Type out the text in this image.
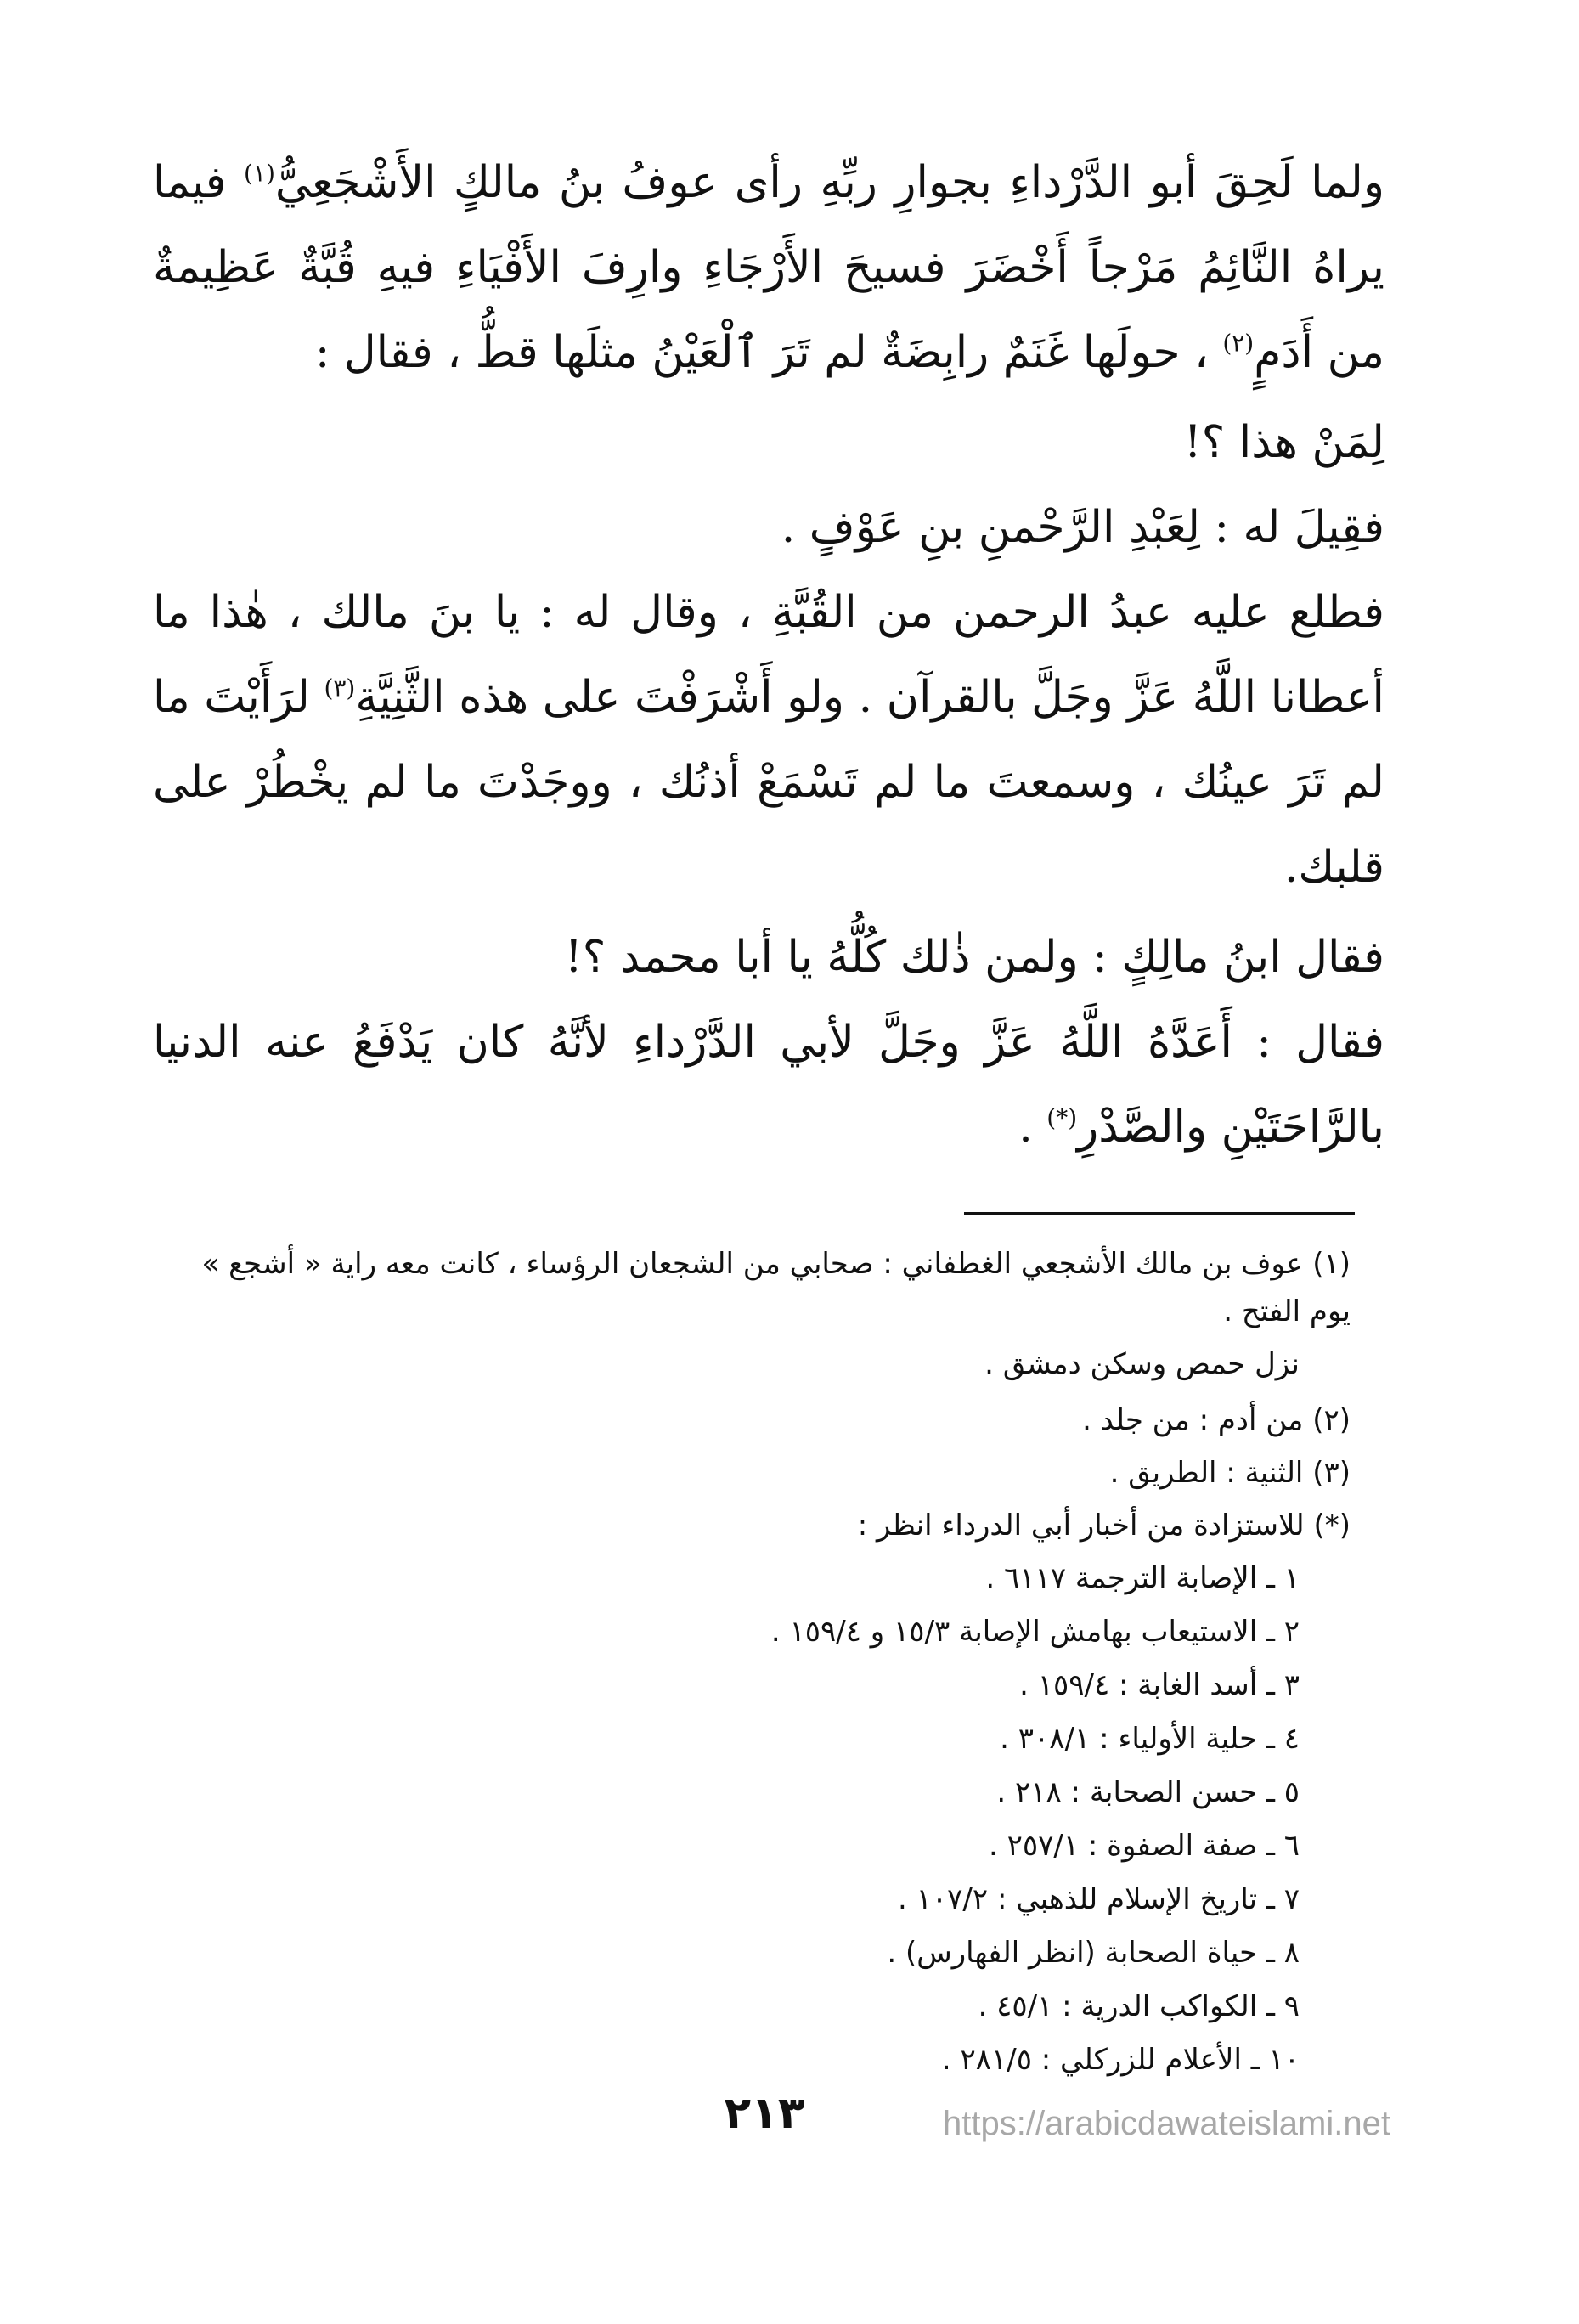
ولما لَحِقَ أبو الدَّرْداءِ بجوارِ ربِّهِ رأى عوفُ بنُ مالكٍ الأَشْجَعِيُّ$^{(١)}$ فيما يراهُ النَّائِمُ مَرْجاً أَخْضَرَ فسيحَ الأَرْجَاءِ وارِفَ الأَفْيَاءِ فيهِ قُبَّةٌ عَظِيمةٌ من أَدَمٍ$^{(٢)}$ ، حولَها غَنَمٌ رابِضَةٌ لم تَرَ ٱلْعَيْنُ مثلَها قطُّ ، فقال :

لِمَنْ هذا ؟!

فقِيلَ له : لِعَبْدِ الرَّحْمنِ بنِ عَوْفٍ .

فطلع عليه عبدُ الرحمن من القُبَّةِ ، وقال له : يا بنَ مالك ، هٰذا ما أعطانا اللَّهُ عَزَّ وجَلَّ بالقرآن . ولو أَشْرَفْتَ على هذه الثَّنِيَّةِ$^{(٣)}$ لرَأَيْتَ ما لم تَرَ عينُك ، وسمعتَ ما لم تَسْمَعْ أذنُك ، ووجَدْتَ ما لم يخْطُرْ على قلبك.

فقال ابنُ مالِكٍ : ولمن ذٰلك كُلُّهُ يا أبا محمد ؟!

فقال : أَعَدَّهُ اللَّهُ عَزَّ وجَلَّ لأبي الدَّرْداءِ لأنَّهُ كان يَدْفَعُ عنه الدنيا بالرَّاحَتَيْنِ والصَّدْرِ(*) .

(١) عوف بن مالك الأشجعي الغطفاني : صحابي من الشجعان الرؤساء ، كانت معه راية « أشجع » يوم الفتح .

نزل حمص وسكن دمشق .

(٢) من أدم : من جلد .

(٣) الثنية : الطريق .

(*) للاستزادة من أخبار أبي الدرداء انظر :

١ ـ الإصابة الترجمة ٦١١٧ .

٢ ـ الاستيعاب بهامش الإصابة ١٥/٣ و ١٥٩/٤ .

٣ ـ أسد الغابة : ١٥٩/٤ .

٤ ـ حلية الأولياء : ٣٠٨/١ .

٥ ـ حسن الصحابة : ٢١٨ .

٦ ـ صفة الصفوة : ٢٥٧/١ .

٧ ـ تاريخ الإسلام للذهبي : ١٠٧/٢ .

٨ ـ حياة الصحابة (انظر الفهارس) .

٩ ـ الكواكب الدرية : ٤٥/١ .

١٠ ـ الأعلام للزركلي : ٢٨١/٥ .

٢١٣	https://arabicdawateislami.net
